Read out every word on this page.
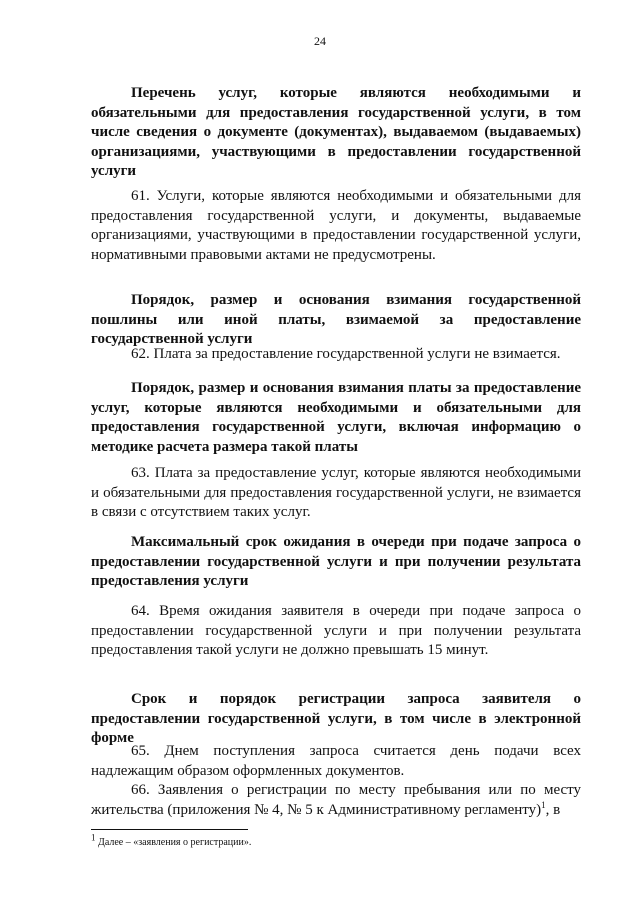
24
Перечень услуг, которые являются необходимыми и обязательными для предоставления государственной услуги, в том числе сведения о документе (документах), выдаваемом (выдаваемых) организациями, участвующими в предоставлении государственной услуги
61. Услуги, которые являются необходимыми и обязательными для предоставления государственной услуги, и документы, выдаваемые организациями, участвующими в предоставлении государственной услуги, нормативными правовыми актами не предусмотрены.
Порядок, размер и основания взимания государственной пошлины или иной платы, взимаемой за предоставление государственной услуги
62. Плата за предоставление государственной услуги не взимается.
Порядок, размер и основания взимания платы за предоставление услуг, которые являются необходимыми и обязательными для предоставления государственной услуги, включая информацию о методике расчета размера такой платы
63. Плата за предоставление услуг, которые являются необходимыми и обязательными для предоставления государственной услуги, не взимается в связи с отсутствием таких услуг.
Максимальный срок ожидания в очереди при подаче запроса о предоставлении государственной услуги и при получении результата предоставления услуги
64. Время ожидания заявителя в очереди при подаче запроса о предоставлении государственной услуги и при получении результата предоставления такой услуги не должно превышать 15 минут.
Срок и порядок регистрации запроса заявителя о предоставлении государственной услуги, в том числе в электронной форме
65. Днем поступления запроса считается день подачи всех надлежащим образом оформленных документов.
66. Заявления о регистрации по месту пребывания или по месту жительства (приложения № 4, № 5 к Административному регламенту)$^1$, в
$^1$ Далее – «заявления о регистрации».
